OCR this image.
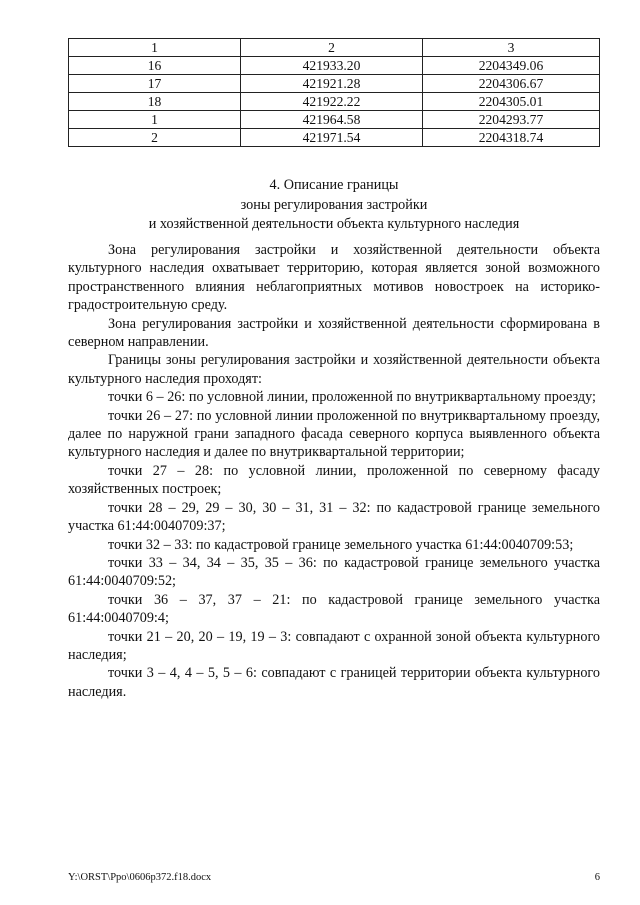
1	2	3
16	421933.20	2204349.06
17	421921.28	2204306.67
18	421922.22	2204305.01
1	421964.58	2204293.77
2	421971.54	2204318.74
4. Описание границы
зоны регулирования застройки
и хозяйственной деятельности объекта культурного наследия

Зона регулирования застройки и хозяйственной деятельности объекта культурного наследия охватывает территорию, которая является зоной возможного пространственного влияния неблагоприятных мотивов новостроек на историко-градостроительную среду.

Зона регулирования застройки и хозяйственной деятельности сформирована в северном направлении.

Границы зоны регулирования застройки и хозяйственной деятельности объекта культурного наследия проходят:

точки 6 – 26: по условной линии, проложенной по внутриквартальному проезду;

точки 26 – 27: по условной линии проложенной по внутриквартальному проезду, далее по наружной грани западного фасада северного корпуса выявленного объекта культурного наследия и далее по внутриквартальной территории;

точки 27 – 28: по условной линии, проложенной по северному фасаду хозяйственных построек;

точки 28 – 29, 29 – 30, 30 – 31, 31 – 32: по кадастровой границе земельного участка 61:44:0040709:37;

точки 32 – 33: по кадастровой границе земельного участка 61:44:0040709:53;

точки 33 – 34, 34 – 35, 35 – 36: по кадастровой границе земельного участка 61:44:0040709:52;

точки 36 – 37, 37 – 21: по кадастровой границе земельного участка 61:44:0040709:4;

точки 21 – 20, 20 – 19, 19 – 3: совпадают с охранной зоной объекта культурного наследия;

точки 3 – 4, 4 – 5, 5 – 6: совпадают с границей территории объекта культурного наследия.

Y:\ORST\Ppo\0606p372.f18.docx	6
